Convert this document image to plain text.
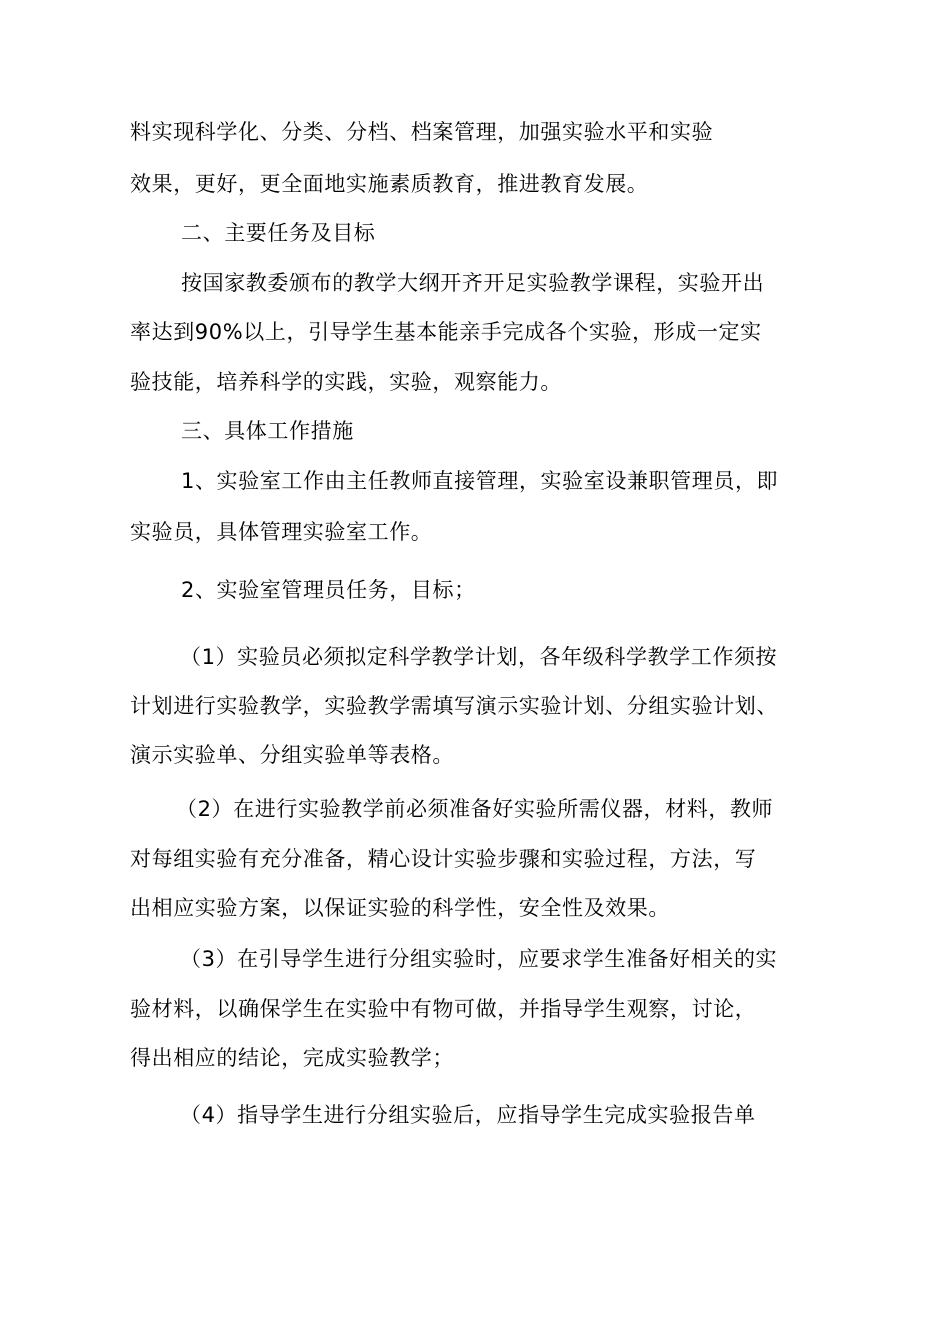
料实现科学化、分类、分档、档案管理，加强实验水平和实验
效果，更好，更全面地实施素质教育，推进教育发展。
二、主要任务及目标
按国家教委颁布的教学大纲开齐开足实验教学课程，实验开出
率达到90%以上，引导学生基本能亲手完成各个实验，形成一定实
验技能，培养科学的实践，实验，观察能力。
三、具体工作措施
1、实验室工作由主任教师直接管理，实验室设兼职管理员，即
实验员，具体管理实验室工作。
2、实验室管理员任务，目标；
（1）实验员必须拟定科学教学计划，各年级科学教学工作须按
计划进行实验教学，实验教学需填写演示实验计划、分组实验计划、
演示实验单、分组实验单等表格。
（2）在进行实验教学前必须准备好实验所需仪器，材料，教师
对每组实验有充分准备，精心设计实验步骤和实验过程，方法，写
出相应实验方案，以保证实验的科学性，安全性及效果。
（3）在引导学生进行分组实验时，应要求学生准备好相关的实
验材料，以确保学生在实验中有物可做，并指导学生观察，讨论，
得出相应的结论，完成实验教学；
（4）指导学生进行分组实验后，应指导学生完成实验报告单
